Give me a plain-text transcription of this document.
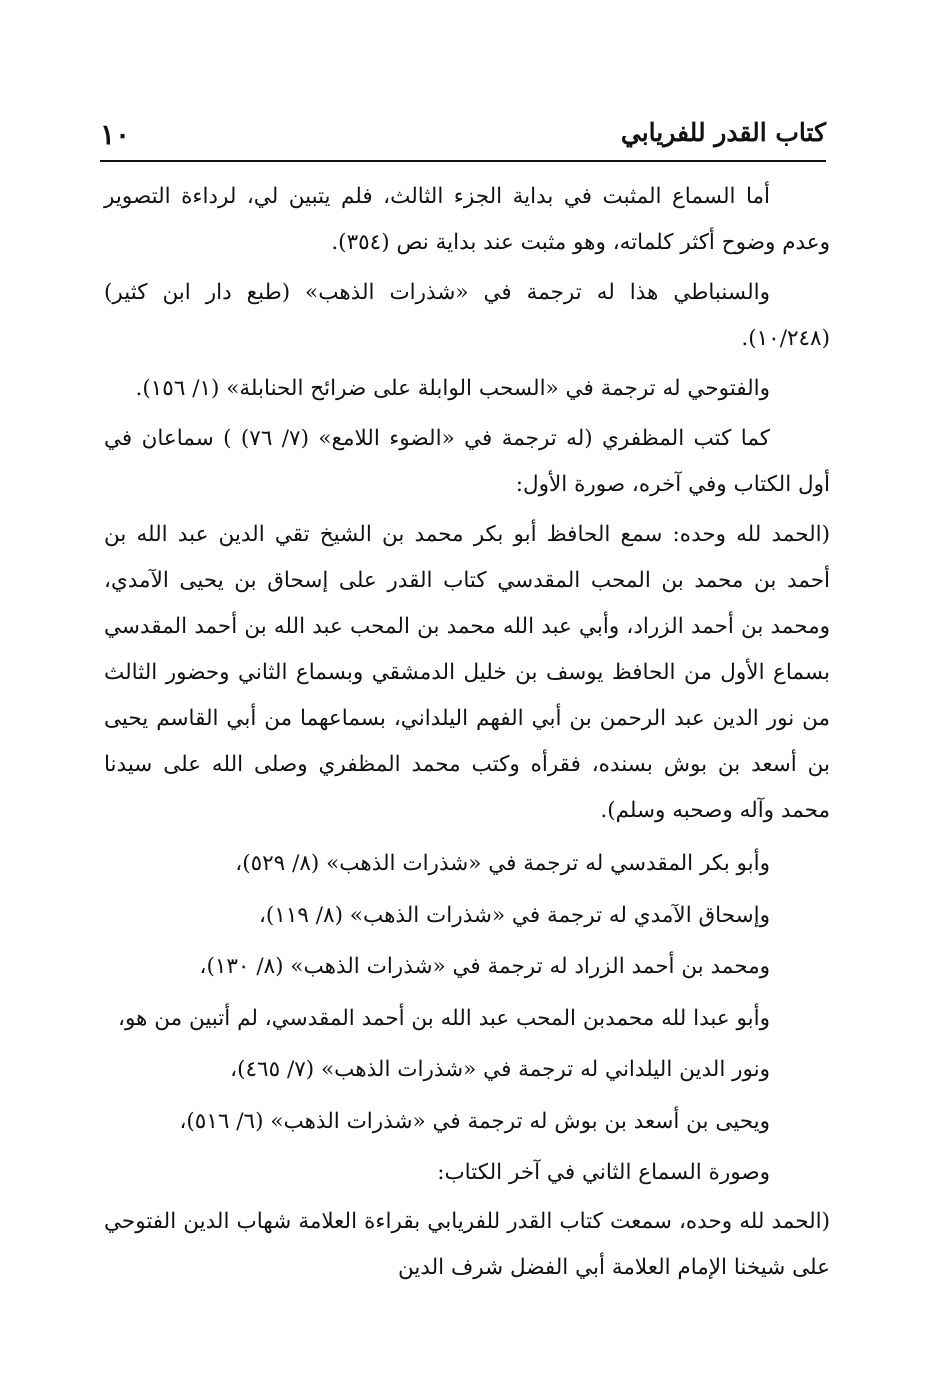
كتاب القدر للفريابي
١٠

أما السماع المثبت في بداية الجزء الثالث، فلم يتبين لي، لرداءة التصوير وعدم وضوح أكثر كلماته، وهو مثبت عند بداية نص (٣٥٤).

والسنباطي هذا له ترجمة في «شذرات الذهب» (طبع دار ابن كثير) (١٠/٢٤٨).

والفتوحي له ترجمة في «السحب الوابلة على ضرائح الحنابلة» (١/ ١٥٦).

كما كتب المظفري (له ترجمة في «الضوء اللامع» (٧/ ٧٦) ) سماعان في أول الكتاب وفي آخره، صورة الأول:

(الحمد لله وحده: سمع الحافظ أبو بكر محمد بن الشيخ تقي الدين عبد الله بن أحمد بن محمد بن المحب المقدسي كتاب القدر على إسحاق بن يحيى الآمدي، ومحمد بن أحمد الزراد، وأبي عبد الله محمد بن المحب عبد الله بن أحمد المقدسي بسماع الأول من الحافظ يوسف بن خليل الدمشقي وبسماع الثاني وحضور الثالث من نور الدين عبد الرحمن بن أبي الفهم اليلداني، بسماعهما من أبي القاسم يحيى بن أسعد بن بوش بسنده، فقرأه وكتب محمد المظفري وصلى الله على سيدنا محمد وآله وصحبه وسلم).

وأبو بكر المقدسي له ترجمة في «شذرات الذهب» (٨/ ٥٢٩)،

وإسحاق الآمدي له ترجمة في «شذرات الذهب» (٨/ ١١٩)،

ومحمد بن أحمد الزراد له ترجمة في «شذرات الذهب» (٨/ ١٣٠)،

وأبو عبدا لله محمدبن المحب عبد الله بن أحمد المقدسي، لم أتبين من هو،

ونور الدين اليلداني له ترجمة في «شذرات الذهب» (٧/ ٤٦٥)،

ويحيى بن أسعد بن بوش له ترجمة في «شذرات الذهب» (٦/ ٥١٦)،

وصورة السماع الثاني في آخر الكتاب:

(الحمد لله وحده، سمعت كتاب القدر للفريابي بقراءة العلامة شهاب الدين الفتوحي على شيخنا الإمام العلامة أبي الفضل شرف الدين
